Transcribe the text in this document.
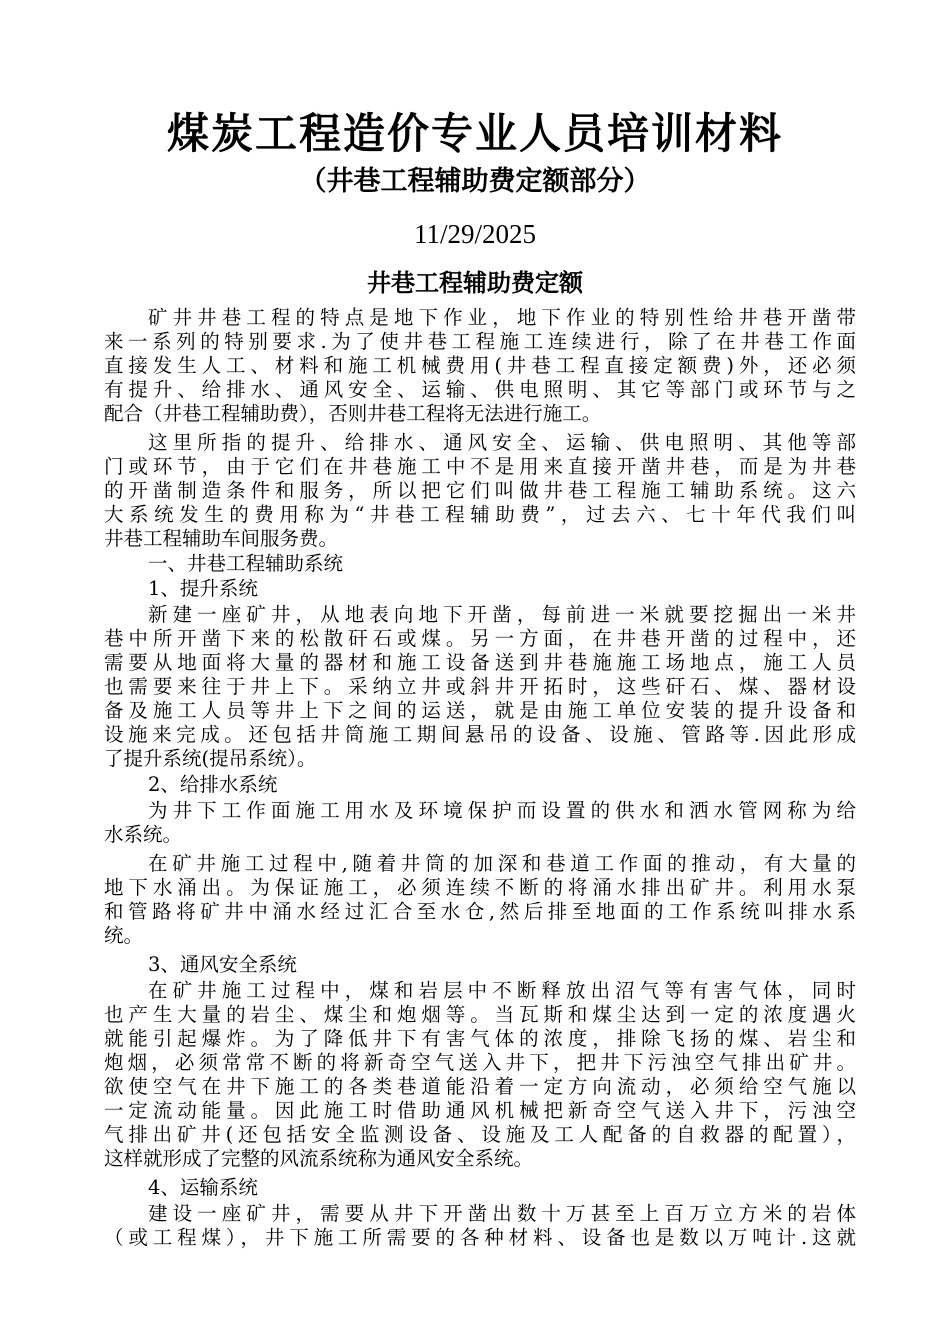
煤炭工程造价专业人员培训材料
（井巷工程辅助费定额部分）
11/29/2025
井巷工程辅助费定额
矿井井巷工程的特点是地下作业，地下作业的特别性给井巷开凿带
来一系列的特别要求.为了使井巷工程施工连续进行，除了在井巷工作面
直接发生人工、材料和施工机械费用(井巷工程直接定额费)外，还必须
有提升、给排水、通风安全、运输、供电照明、其它等部门或环节与之
配合（井巷工程辅助费），否则井巷工程将无法进行施工。
这里所指的提升、给排水、通风安全、运输、供电照明、其他等部
门或环节，由于它们在井巷施工中不是用来直接开凿井巷，而是为井巷
的开凿制造条件和服务，所以把它们叫做井巷工程施工辅助系统。这六
大系统发生的费用称为“井巷工程辅助费”，过去六、七十年代我们叫
井巷工程辅助车间服务费。
一、井巷工程辅助系统
1、提升系统
新建一座矿井，从地表向地下开凿，每前进一米就要挖掘出一米井
巷中所开凿下来的松散矸石或煤。另一方面，在井巷开凿的过程中，还
需要从地面将大量的器材和施工设备送到井巷施施工场地点，施工人员
也需要来往于井上下。采纳立井或斜井开拓时，这些矸石、煤、器材设
备及施工人员等井上下之间的运送，就是由施工单位安装的提升设备和
设施来完成。还包括井筒施工期间悬吊的设备、设施、管路等.因此形成
了提升系统(提吊系统）。
2、给排水系统
为井下工作面施工用水及环境保护而设置的供水和洒水管网称为给
水系统。
在矿井施工过程中,随着井筒的加深和巷道工作面的推动，有大量的
地下水涌出。为保证施工，必须连续不断的将涌水排出矿井。利用水泵
和管路将矿井中涌水经过汇合至水仓,然后排至地面的工作系统叫排水系
统。
3、通风安全系统
在矿井施工过程中，煤和岩层中不断释放出沼气等有害气体，同时
也产生大量的岩尘、煤尘和炮烟等。当瓦斯和煤尘达到一定的浓度遇火
就能引起爆炸。为了降低井下有害气体的浓度，排除飞扬的煤、岩尘和
炮烟，必须常常不断的将新奇空气送入井下，把井下污浊空气排出矿井。
欲使空气在井下施工的各类巷道能沿着一定方向流动，必须给空气施以
一定流动能量。因此施工时借助通风机械把新奇空气送入井下，污浊空
气排出矿井(还包括安全监测设备、设施及工人配备的自救器的配置），
这样就形成了完整的风流系统称为通风安全系统。
4、运输系统
建设一座矿井，需要从井下开凿出数十万甚至上百万立方米的岩体
（或工程煤），井下施工所需要的各种材料、设备也是数以万吨计.这就
